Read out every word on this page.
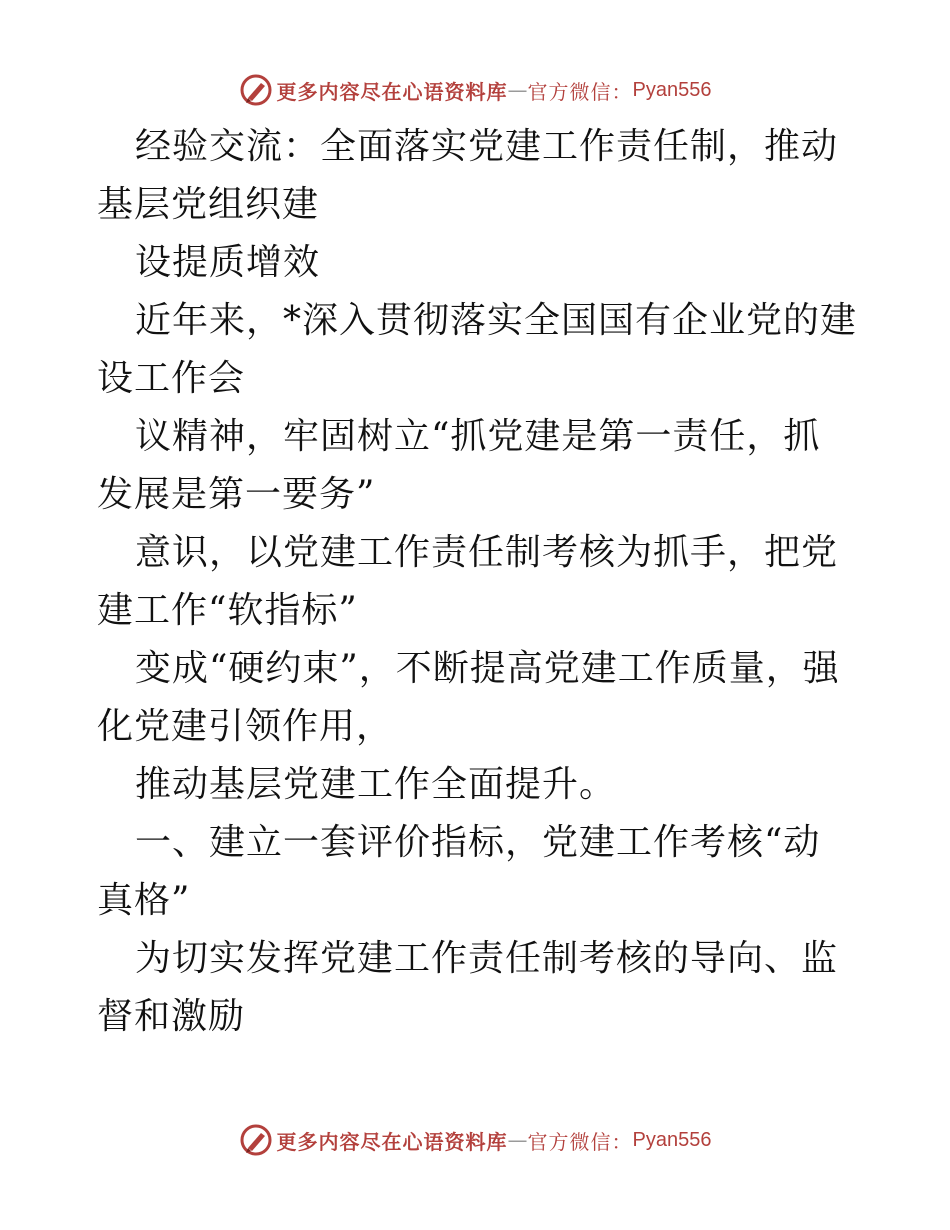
更多内容尽在心语资料库 — 官方微信： Pyan556

经验交流：全面落实党建工作责任制，推动基层党组织建

设提质增效

近年来，*深入贯彻落实全国国有企业党的建设工作会

议精神，牢固树立“抓党建是第一责任，抓发展是第一要务”

意识，以党建工作责任制考核为抓手，把党建工作“软指标”

变成“硬约束”，不断提高党建工作质量，强化党建引领作用，

推动基层党建工作全面提升。

一、建立一套评价指标，党建工作考核“动真格”

为切实发挥党建工作责任制考核的导向、监督和激励

更多内容尽在心语资料库 — 官方微信： Pyan556
